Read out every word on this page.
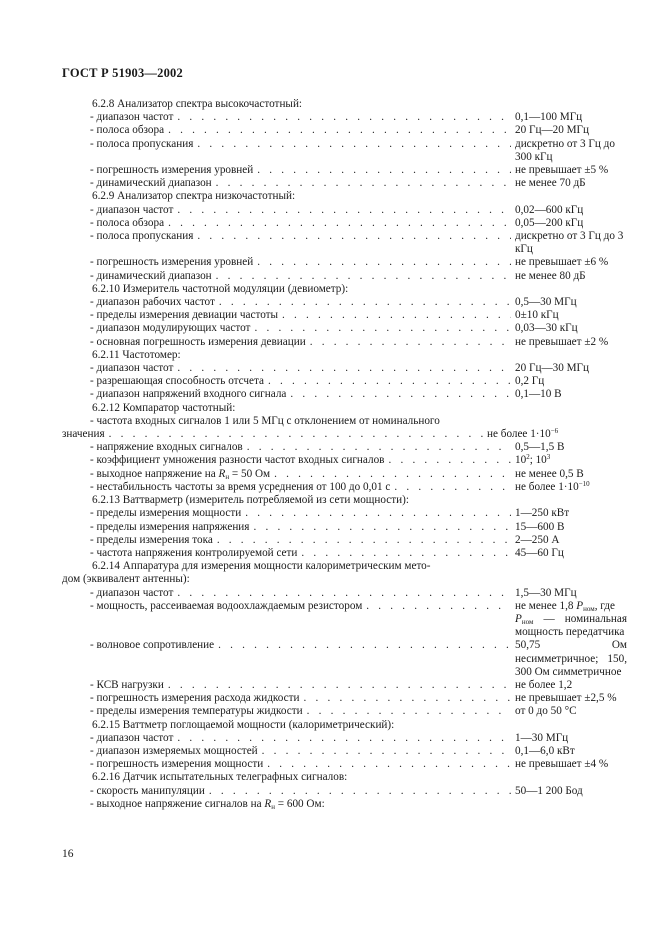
ГОСТ Р 51903—2002
6.2.8 Анализатор спектра высокочастотный:
- диапазон частот . . .	0,1—100 МГц
- полоса обзора . . .	20 Гц—20 МГц
- полоса пропускания . . .	дискретно от 3 Гц до 300 кГц
- погрешность измерения уровней . . .	не превышает ±5 %
- динамический диапазон . . .	не менее 70 дБ
6.2.9 Анализатор спектра низкочастотный:
- диапазон частот . . .	0,02—600 кГц
- полоса обзора . . .	0,05—200 кГц
- полоса пропускания . . .	дискретно от 3 Гц до 3 кГц
- погрешность измерения уровней . . .	не превышает ±6 %
- динамический диапазон . . .	не менее 80 дБ
6.2.10 Измеритель частотной модуляции (девиометр):
- диапазон рабочих частот . . .	0,5—30 МГц
- пределы измерения девиации частоты . . .	0±10 кГц
- диапазон модулирующих частот . . .	0,03—30 кГц
- основная погрешность измерения девиации . . .	не превышает ±2 %
6.2.11 Частотомер:
- диапазон частот . . .	20 Гц—30 МГц
- разрешающая способность отсчета . . .	0,2 Гц
- диапазон напряжений входного сигнала . . .	0,1—10 В
6.2.12 Компаратор частотный:
- частота входных сигналов 1 или 5 МГц с отклонением от номинального
значения . . .	не более $1\cdot 10^{-6}$
- напряжение входных сигналов . . .	0,5—1,5 В
- коэффициент умножения разности частот входных сигналов . . .	$10^2$; $10^3$
- выходное напряжение на $R_н = 50$ Ом . . .	не менее 0,5 В
- нестабильность частоты за время усреднения от 100 до 0,01 с . . .	не более $1\cdot 10^{-10}$
6.2.13 Ваттварметр (измеритель потребляемой из сети мощности):
- пределы измерения мощности . . .	1—250 кВт
- пределы измерения напряжения . . .	15—600 В
- пределы измерения тока . . .	2—250 А
- частота напряжения контролируемой сети . . .	45—60 Гц
6.2.14 Аппаратура для измерения мощности калориметрическим мето-
дом (эквивалент антенны):
- диапазон частот . . .	1,5—30 МГц
- мощность, рассеиваемая водоохлаждаемым резистором . . .	не менее 1,8 $P_{ном}$, где
$P_{ном}$ — номинальная мощность передатчика
- волновое сопротивление . . .	50,75 Ом несимметричное; 150, 300 Ом симметричное
- КСВ нагрузки . . .	не более 1,2
- погрешность измерения расхода жидкости . . .	не превышает ±2,5 %
- пределы измерения температуры жидкости . . .	от 0 до 50 °С
6.2.15 Ваттметр поглощаемой мощности (калориметрический):
- диапазон частот . . .	1—30 МГц
- диапазон измеряемых мощностей . . .	0,1—6,0 кВт
- погрешность измерения мощности . . .	не превышает ±4 %
6.2.16 Датчик испытательных телеграфных сигналов:
- скорость манипуляции . . .	50—1 200 Бод
- выходное напряжение сигналов на $R_н = 600$ Ом:
16
